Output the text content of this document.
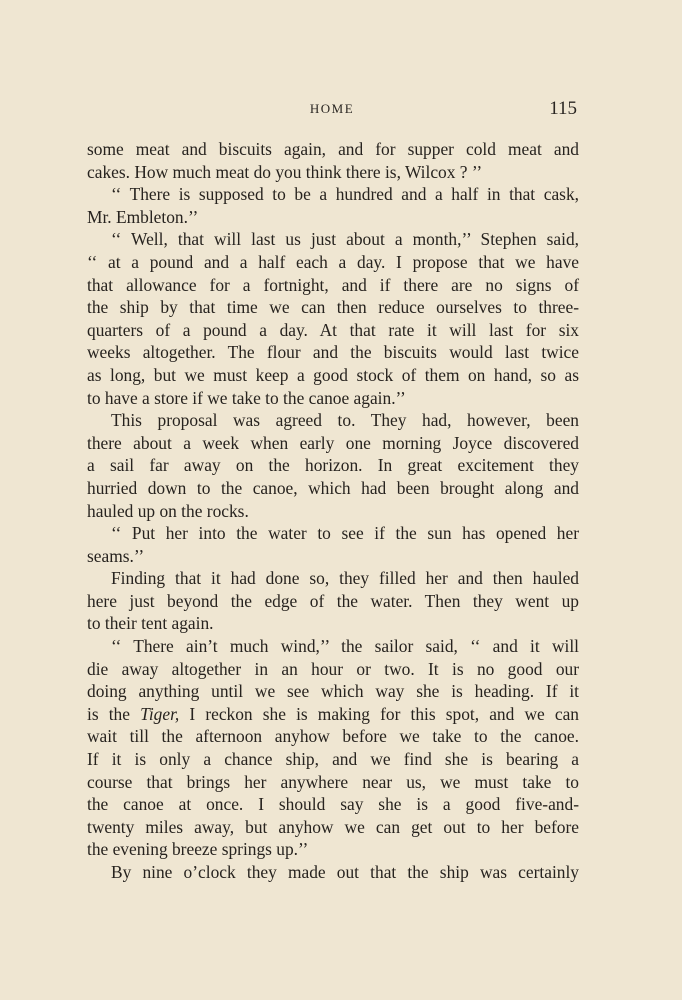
HOME	115
some meat and biscuits again, and for supper cold meat and
cakes. How much meat do you think there is, Wilcox ? ’’
‘‘ There is supposed to be a hundred and a half in that cask,
Mr. Embleton.’’
‘‘ Well, that will last us just about a month,’’ Stephen said,
‘‘ at a pound and a half each a day. I propose that we have
that allowance for a fortnight, and if there are no signs of
the ship by that time we can then reduce ourselves to three-
quarters of a pound a day. At that rate it will last for six
weeks altogether. The flour and the biscuits would last twice
as long, but we must keep a good stock of them on hand, so as
to have a store if we take to the canoe again.’’
This proposal was agreed to. They had, however, been
there about a week when early one morning Joyce discovered
a sail far away on the horizon. In great excitement they
hurried down to the canoe, which had been brought along and
hauled up on the rocks.
‘‘ Put her into the water to see if the sun has opened her
seams.’’
Finding that it had done so, they filled her and then hauled
here just beyond the edge of the water. Then they went up
to their tent again.
‘‘ There ain’t much wind,’’ the sailor said, ‘‘ and it will
die away altogether in an hour or two. It is no good our
doing anything until we see which way she is heading. If it
is the Tiger, I reckon she is making for this spot, and we can
wait till the afternoon anyhow before we take to the canoe.
If it is only a chance ship, and we find she is bearing a
course that brings her anywhere near us, we must take to
the canoe at once. I should say she is a good five-and-
twenty miles away, but anyhow we can get out to her before
the evening breeze springs up.’’
By nine o’clock they made out that the ship was certainly
